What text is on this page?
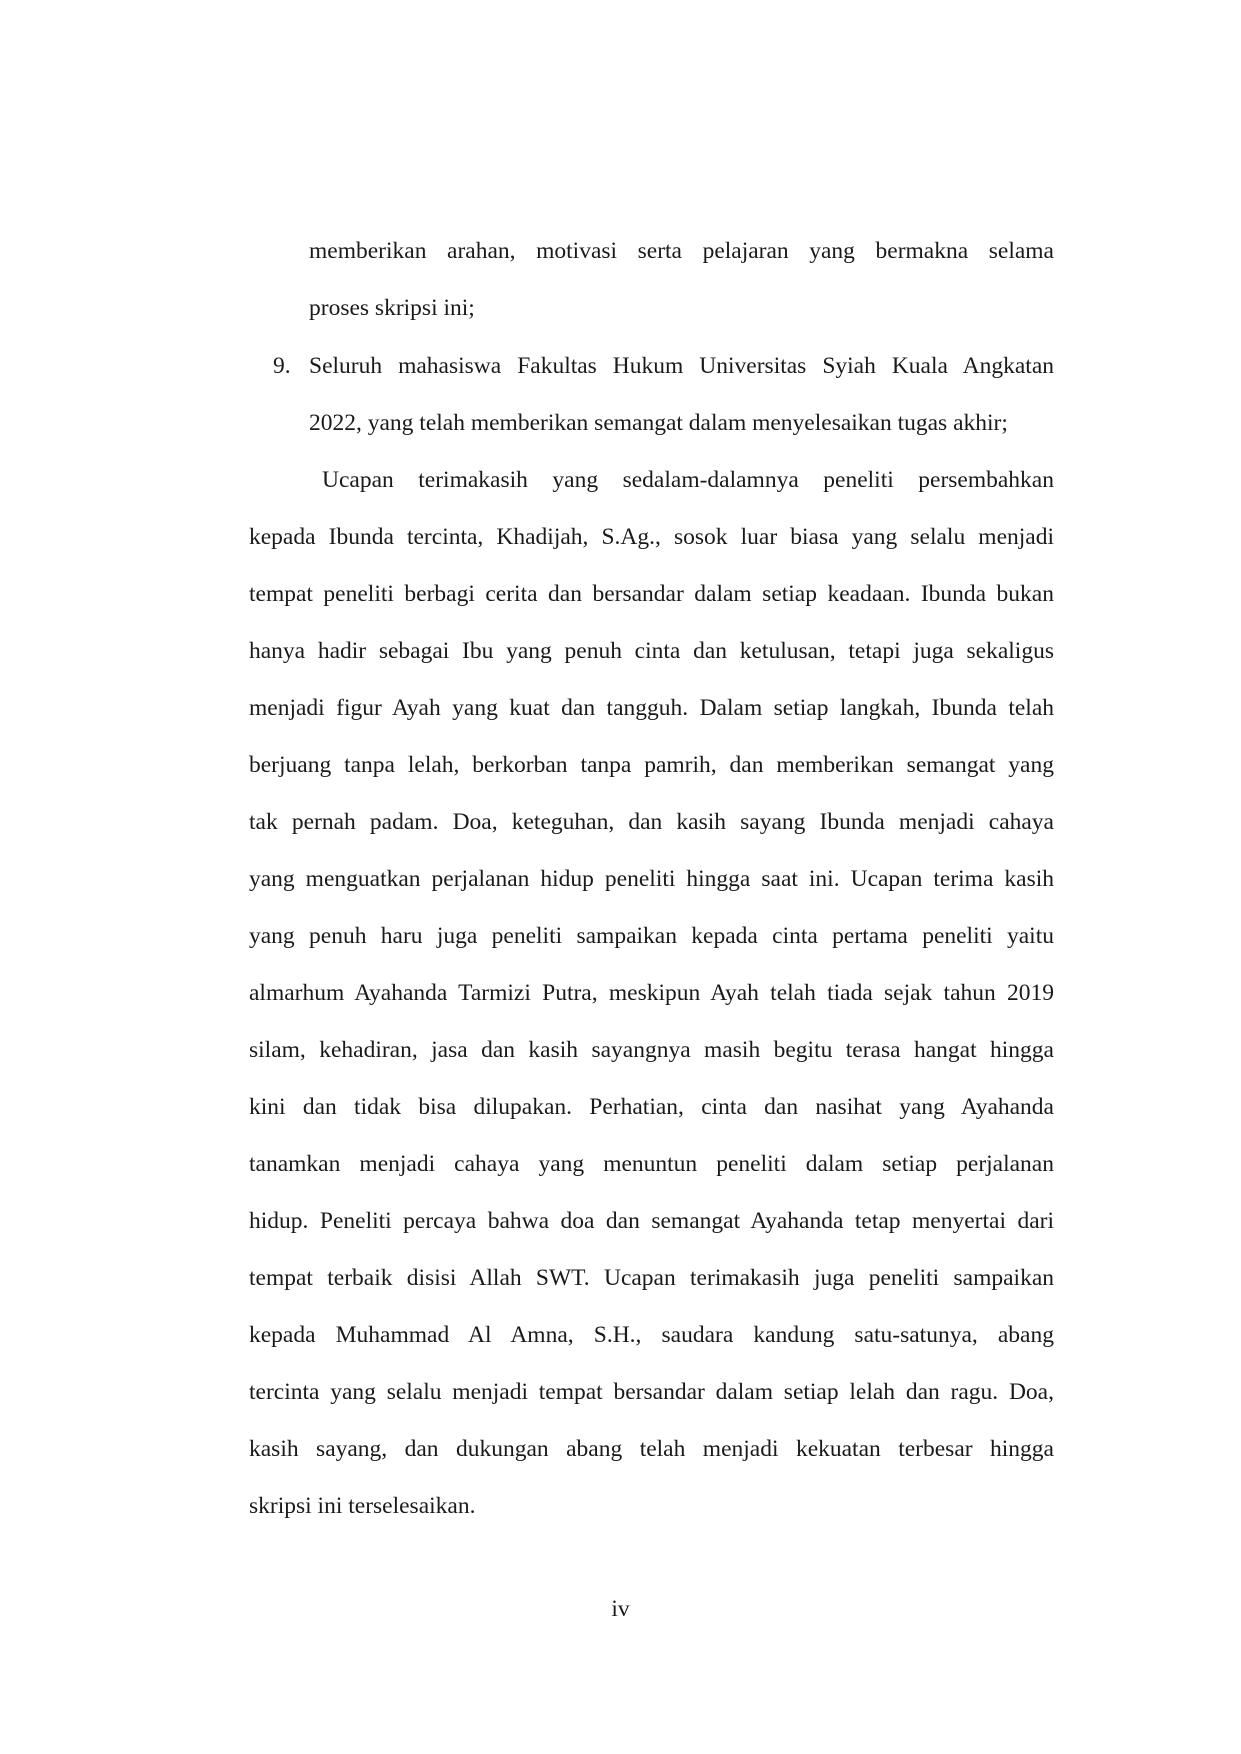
memberikan arahan, motivasi serta pelajaran yang bermakna selama
proses skripsi ini;
9. Seluruh mahasiswa Fakultas Hukum Universitas Syiah Kuala Angkatan
2022, yang telah memberikan semangat dalam menyelesaikan tugas akhir;
Ucapan terimakasih yang sedalam-dalamnya peneliti persembahkan
kepada Ibunda tercinta, Khadijah, S.Ag., sosok luar biasa yang selalu menjadi
tempat peneliti berbagi cerita dan bersandar dalam setiap keadaan. Ibunda bukan
hanya hadir sebagai Ibu yang penuh cinta dan ketulusan, tetapi juga sekaligus
menjadi figur Ayah yang kuat dan tangguh. Dalam setiap langkah, Ibunda telah
berjuang tanpa lelah, berkorban tanpa pamrih, dan memberikan semangat yang
tak pernah padam. Doa, keteguhan, dan kasih sayang Ibunda menjadi cahaya
yang menguatkan perjalanan hidup peneliti hingga saat ini. Ucapan terima kasih
yang penuh haru juga peneliti sampaikan kepada cinta pertama peneliti yaitu
almarhum Ayahanda Tarmizi Putra, meskipun Ayah telah tiada sejak tahun 2019
silam, kehadiran, jasa dan kasih sayangnya masih begitu terasa hangat hingga
kini dan tidak bisa dilupakan. Perhatian, cinta dan nasihat yang Ayahanda
tanamkan menjadi cahaya yang menuntun peneliti dalam setiap perjalanan
hidup. Peneliti percaya bahwa doa dan semangat Ayahanda tetap menyertai dari
tempat terbaik disisi Allah SWT. Ucapan terimakasih juga peneliti sampaikan
kepada Muhammad Al Amna, S.H., saudara kandung satu-satunya, abang
tercinta yang selalu menjadi tempat bersandar dalam setiap lelah dan ragu. Doa,
kasih sayang, dan dukungan abang telah menjadi kekuatan terbesar hingga
skripsi ini terselesaikan.
iv
